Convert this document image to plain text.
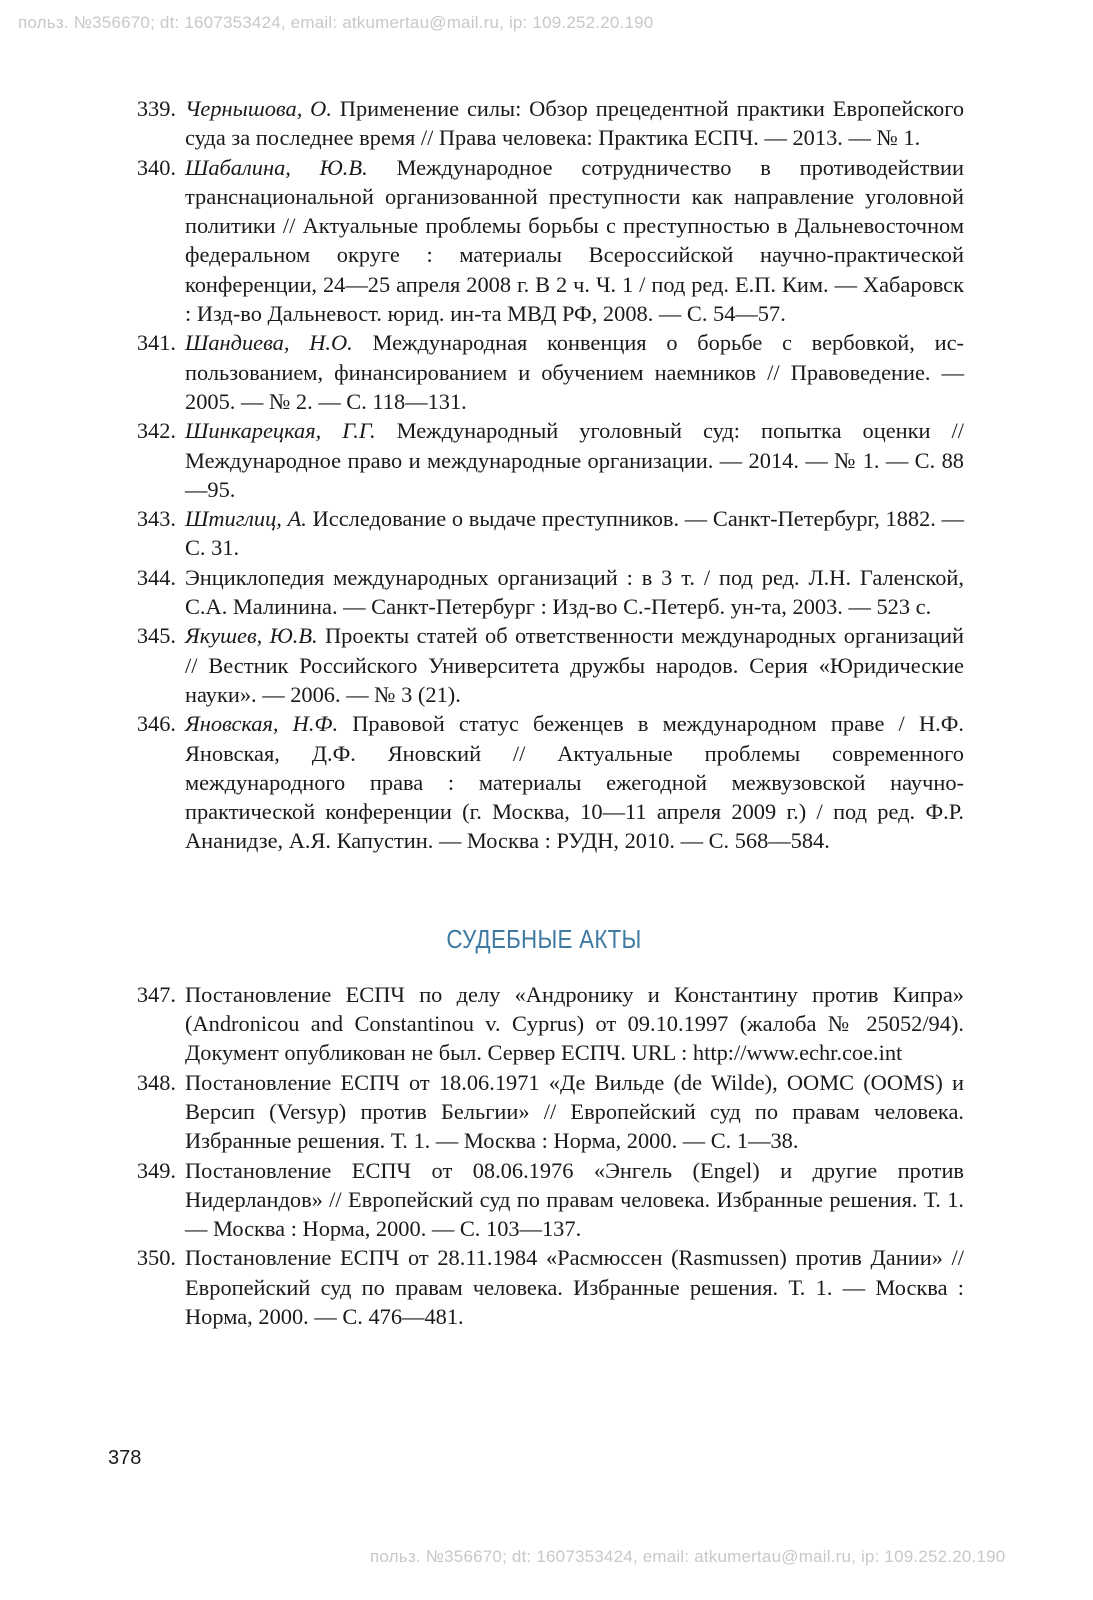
польз. №356670; dt: 1607353424, email: atkumertau@mail.ru, ip: 109.252.20.190
339. Чернышова, О. Применение силы: Обзор прецедентной практики Европейского суда за последнее время // Права человека: Практика ЕСПЧ. — 2013. — № 1.
340. Шабалина, Ю.В. Международное сотрудничество в противодействии транснациональной организованной преступности как направление уголовной политики // Актуальные проблемы борьбы с преступностью в Дальневосточном федеральном округе : материалы Всероссийской научно-практической конференции, 24—25 апреля 2008 г. В 2 ч. Ч. 1 / под ред. Е.П. Ким. — Хабаровск : Изд-во Дальневост. юрид. ин-та МВД РФ, 2008. — С. 54—57.
341. Шандиева, Н.О. Международная конвенция о борьбе с вербовкой, использованием, финансированием и обучением наемников // Правоведение. — 2005. — № 2. — С. 118—131.
342. Шинкарецкая, Г.Г. Международный уголовный суд: попытка оценки // Международное право и международные организации. — 2014. — № 1. — С. 88—95.
343. Штиглиц, А. Исследование о выдаче преступников. — Санкт-Петербург, 1882. — С. 31.
344. Энциклопедия международных организаций : в 3 т. / под ред. Л.Н. Галенской, С.А. Малинина. — Санкт-Петербург : Изд-во С.-Петерб. ун-та, 2003. — 523 с.
345. Якушев, Ю.В. Проекты статей об ответственности международных организаций // Вестник Российского Университета дружбы народов. Серия «Юридические науки». — 2006. — № 3 (21).
346. Яновская, Н.Ф. Правовой статус беженцев в международном праве / Н.Ф. Яновская, Д.Ф. Яновский // Актуальные проблемы современного международного права : материалы ежегодной межвузовской научно-практической конференции (г. Москва, 10—11 апреля 2009 г.) / под ред. Ф.Р. Ананидзе, А.Я. Капустин. — Москва : РУДН, 2010. — С. 568—584.
СУДЕБНЫЕ АКТЫ
347. Постановление ЕСПЧ по делу «Андронику и Константину против Кипра» (Andronicou and Constantinou v. Cyprus) от 09.10.1997 (жалоба № 25052/94). Документ опубликован не был. Сервер ЕСПЧ. URL : http://www.echr.coe.int
348. Постановление ЕСПЧ от 18.06.1971 «Де Вильде (de Wilde), ООМС (OOMS) и Версип (Versyp) против Бельгии» // Европейский суд по правам человека. Избранные решения. Т. 1. — Москва : Норма, 2000. — С. 1—38.
349. Постановление ЕСПЧ от 08.06.1976 «Энгель (Engel) и другие против Нидерландов» // Европейский суд по правам человека. Избранные решения. Т. 1. — Москва : Норма, 2000. — С. 103—137.
350. Постановление ЕСПЧ от 28.11.1984 «Расмюссен (Rasmussen) против Дании» // Европейский суд по правам человека. Избранные решения. Т. 1. — Москва : Норма, 2000. — С. 476—481.
378
польз. №356670; dt: 1607353424, email: atkumertau@mail.ru, ip: 109.252.20.190
